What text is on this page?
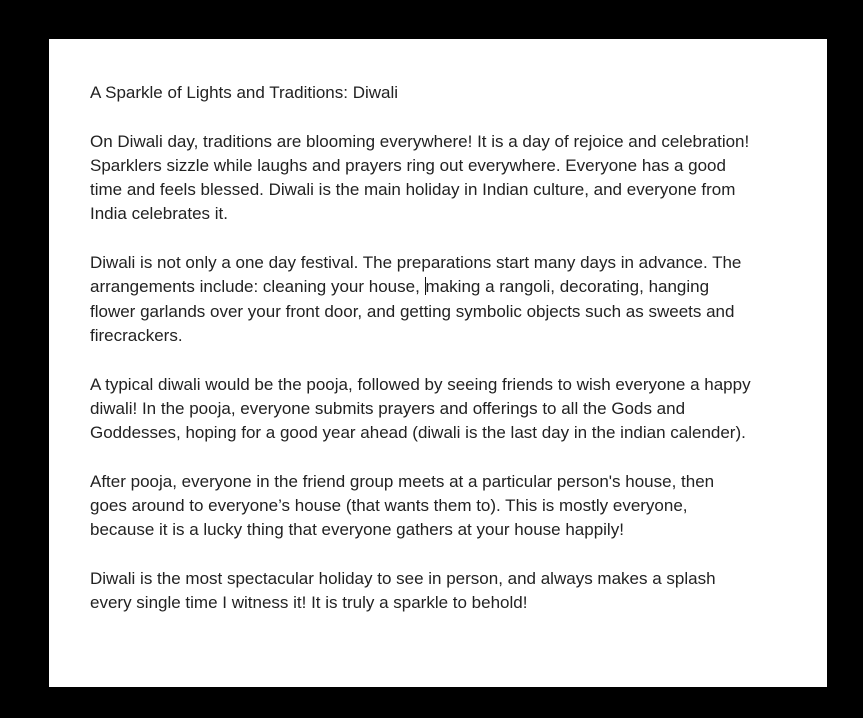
A Sparkle of Lights and Traditions: Diwali

On Diwali day, traditions are blooming everywhere! It is a day of rejoice and celebration!
Sparklers sizzle while laughs and prayers ring out everywhere. Everyone has a good
time and feels blessed. Diwali is the main holiday in Indian culture, and everyone from
India celebrates it.

Diwali is not only a one day festival. The preparations start many days in advance. The
arrangements include: cleaning your house, making a rangoli, decorating, hanging
flower garlands over your front door, and getting symbolic objects such as sweets and
firecrackers.

A typical diwali would be the pooja, followed by seeing friends to wish everyone a happy
diwali! In the pooja, everyone submits prayers and offerings to all the Gods and
Goddesses, hoping for a good year ahead (diwali is the last day in the indian calender).

After pooja, everyone in the friend group meets at a particular person's house, then
goes around to everyone’s house (that wants them to). This is mostly everyone,
because it is a lucky thing that everyone gathers at your house happily!

Diwali is the most spectacular holiday to see in person, and always makes a splash
every single time I witness it! It is truly a sparkle to behold!
